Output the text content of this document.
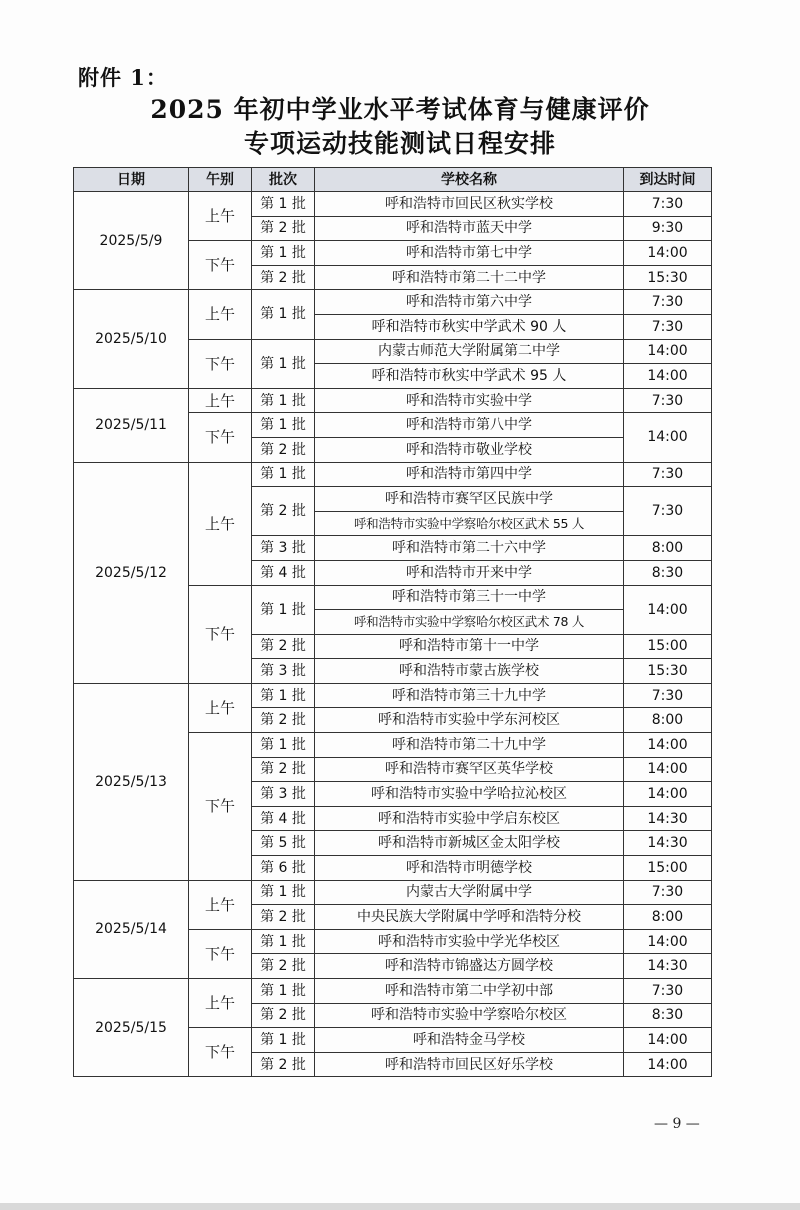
附件 1：
2025 年初中学业水平考试体育与健康评价
专项运动技能测试日程安排
日期	午别	批次	学校名称	到达时间
2025/5/9	上午	第 1 批	呼和浩特市回民区秋实学校	7:30
		第 2 批	呼和浩特市蓝天中学	9:30
	下午	第 1 批	呼和浩特市第七中学	14:00
		第 2 批	呼和浩特市第二十二中学	15:30
2025/5/10	上午	第 1 批	呼和浩特市第六中学	7:30
			呼和浩特市秋实中学武术 90 人	7:30
	下午	第 1 批	内蒙古师范大学附属第二中学	14:00
			呼和浩特市秋实中学武术 95 人	14:00
2025/5/11	上午	第 1 批	呼和浩特市实验中学	7:30
	下午	第 1 批	呼和浩特市第八中学	14:00
		第 2 批	呼和浩特市敬业学校	
2025/5/12	上午	第 1 批	呼和浩特市第四中学	7:30
		第 2 批	呼和浩特市赛罕区民族中学	7:30
			呼和浩特市实验中学察哈尔校区武术 55 人	
		第 3 批	呼和浩特市第二十六中学	8:00
		第 4 批	呼和浩特市开来中学	8:30
	下午	第 1 批	呼和浩特市第三十一中学	14:00
			呼和浩特市实验中学察哈尔校区武术 78 人	
		第 2 批	呼和浩特市第十一中学	15:00
		第 3 批	呼和浩特市蒙古族学校	15:30
2025/5/13	上午	第 1 批	呼和浩特市第三十九中学	7:30
		第 2 批	呼和浩特市实验中学东河校区	8:00
	下午	第 1 批	呼和浩特市第二十九中学	14:00
		第 2 批	呼和浩特市赛罕区英华学校	14:00
		第 3 批	呼和浩特市实验中学哈拉沁校区	14:00
		第 4 批	呼和浩特市实验中学启东校区	14:30
		第 5 批	呼和浩特市新城区金太阳学校	14:30
		第 6 批	呼和浩特市明德学校	15:00
2025/5/14	上午	第 1 批	内蒙古大学附属中学	7:30
		第 2 批	中央民族大学附属中学呼和浩特分校	8:00
	下午	第 1 批	呼和浩特市实验中学光华校区	14:00
		第 2 批	呼和浩特市锦盛达方圆学校	14:30
2025/5/15	上午	第 1 批	呼和浩特市第二中学初中部	7:30
		第 2 批	呼和浩特市实验中学察哈尔校区	8:30
	下午	第 1 批	呼和浩特金马学校	14:00
		第 2 批	呼和浩特市回民区好乐学校	14:00
— 9 —
